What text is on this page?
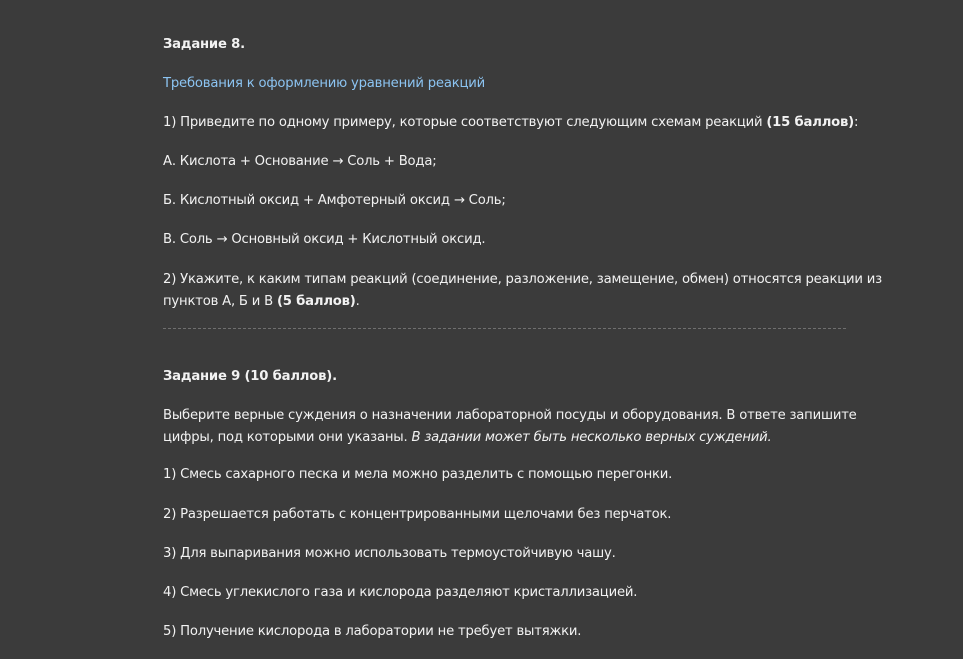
Задание 8.

Требования к оформлению уравнений реакций

1) Приведите по одному примеру, которые соответствуют следующим схемам реакций (15 баллов):

А. Кислота + Основание → Соль + Вода;

Б. Кислотный оксид + Амфотерный оксид → Соль;

В. Соль → Основный оксид + Кислотный оксид.

2) Укажите, к каким типам реакций (соединение, разложение, замещение, обмен) относятся реакции из
пунктов А, Б и В (5 баллов).

Задание 9 (10 баллов).

Выберите верные суждения о назначении лабораторной посуды и оборудования. В ответе запишите
цифры, под которыми они указаны. В задании может быть несколько верных суждений.

1) Смесь сахарного песка и мела можно разделить с помощью перегонки.

2) Разрешается работать с концентрированными щелочами без перчаток.

3) Для выпаривания можно использовать термоустойчивую чашу.

4) Смесь углекислого газа и кислорода разделяют кристаллизацией.

5) Получение кислорода в лаборатории не требует вытяжки.
